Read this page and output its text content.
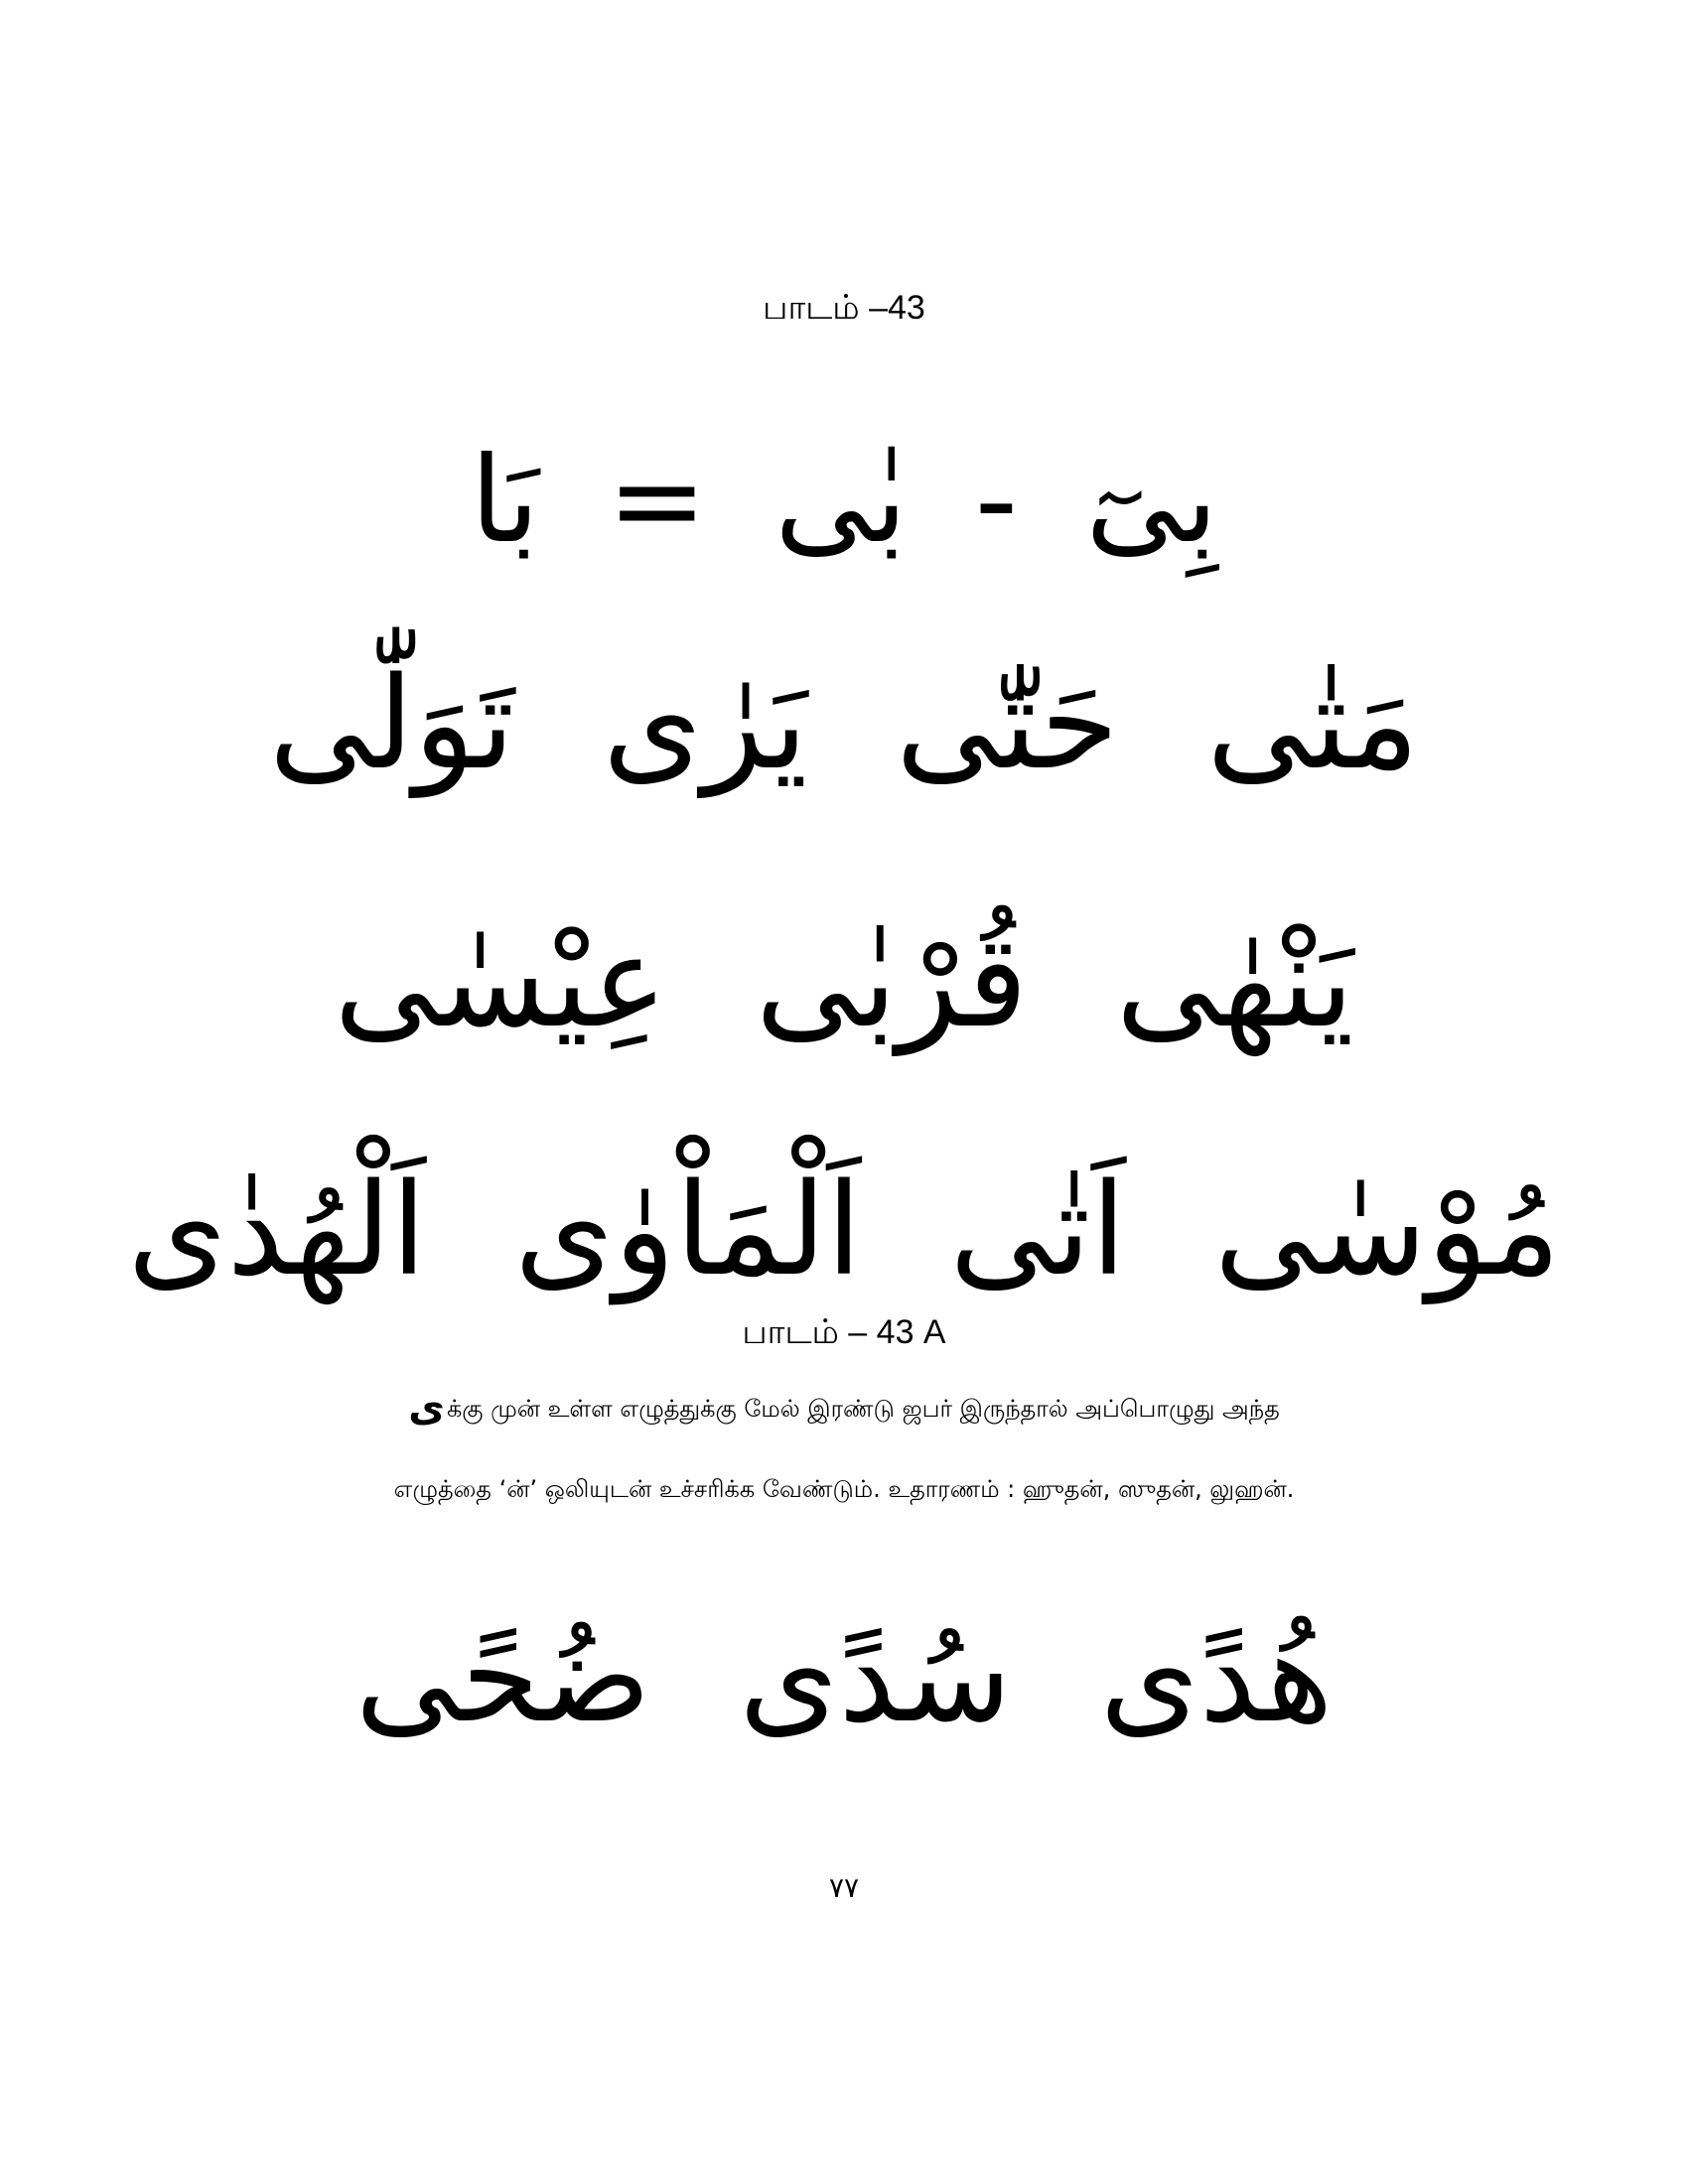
பாடம் –43
بِیٓ - بٰی = بَا
مَتٰی حَتّٰی یَرٰی تَوَلّٰی
یَنْهٰی قُرْبٰی عِیْسٰی
مُوْسٰی اَتٰی اَلْمَاْوٰی اَلْهُدٰی
பாடம் – 43 A
یக்கு முன் உள்ள எழுத்துக்கு மேல் இரண்டு ஜபர் இருந்தால் அப்பொழுது அந்த
எழுத்தை ‘ன்’ ஒலியுடன் உச்சரிக்க வேண்டும். உதாரணம் : ஹுதன், ஸுதன், லுஹன்.
هُدًی سُدًی ضُحًی
٧٧
